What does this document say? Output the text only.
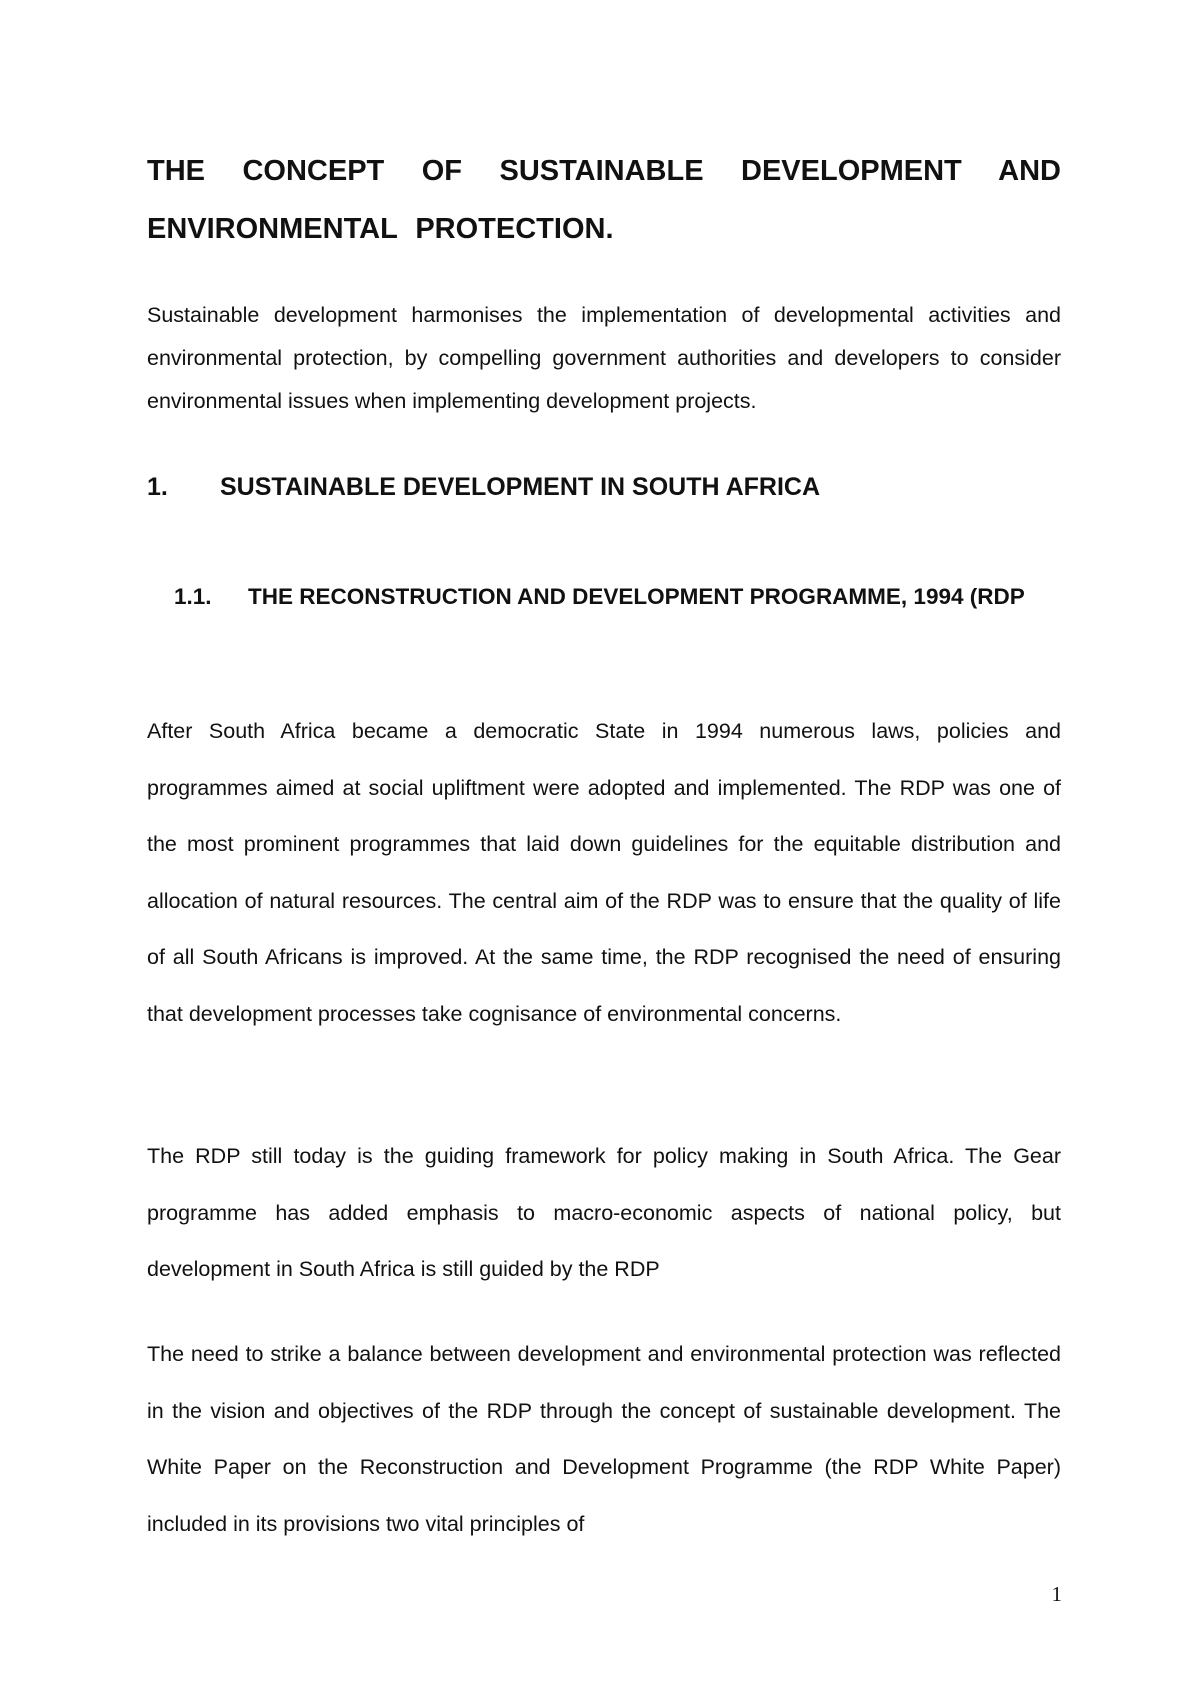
THE CONCEPT OF SUSTAINABLE DEVELOPMENT AND ENVIRONMENTAL PROTECTION.

Sustainable development harmonises the implementation of developmental activities and environmental protection, by compelling government authorities and developers to consider environmental issues when implementing development projects.

1. SUSTAINABLE DEVELOPMENT IN SOUTH AFRICA
1.1. THE RECONSTRUCTION AND DEVELOPMENT PROGRAMME, 1994 (RDP

After South Africa became a democratic State in 1994 numerous laws, policies and programmes aimed at social upliftment were adopted and implemented. The RDP was one of the most prominent programmes that laid down guidelines for the equitable distribution and allocation of natural resources. The central aim of the RDP was to ensure that the quality of life of all South Africans is improved. At the same time, the RDP recognised the need of ensuring that development processes take cognisance of environmental concerns.

The RDP still today is the guiding framework for policy making in South Africa. The Gear programme has added emphasis to macro-economic aspects of national policy, but development in South Africa is still guided by the RDP

The need to strike a balance between development and environmental protection was reflected in the vision and objectives of the RDP through the concept of sustainable development. The White Paper on the Reconstruction and Development Programme (the RDP White Paper) included in its provisions two vital principles of

1
